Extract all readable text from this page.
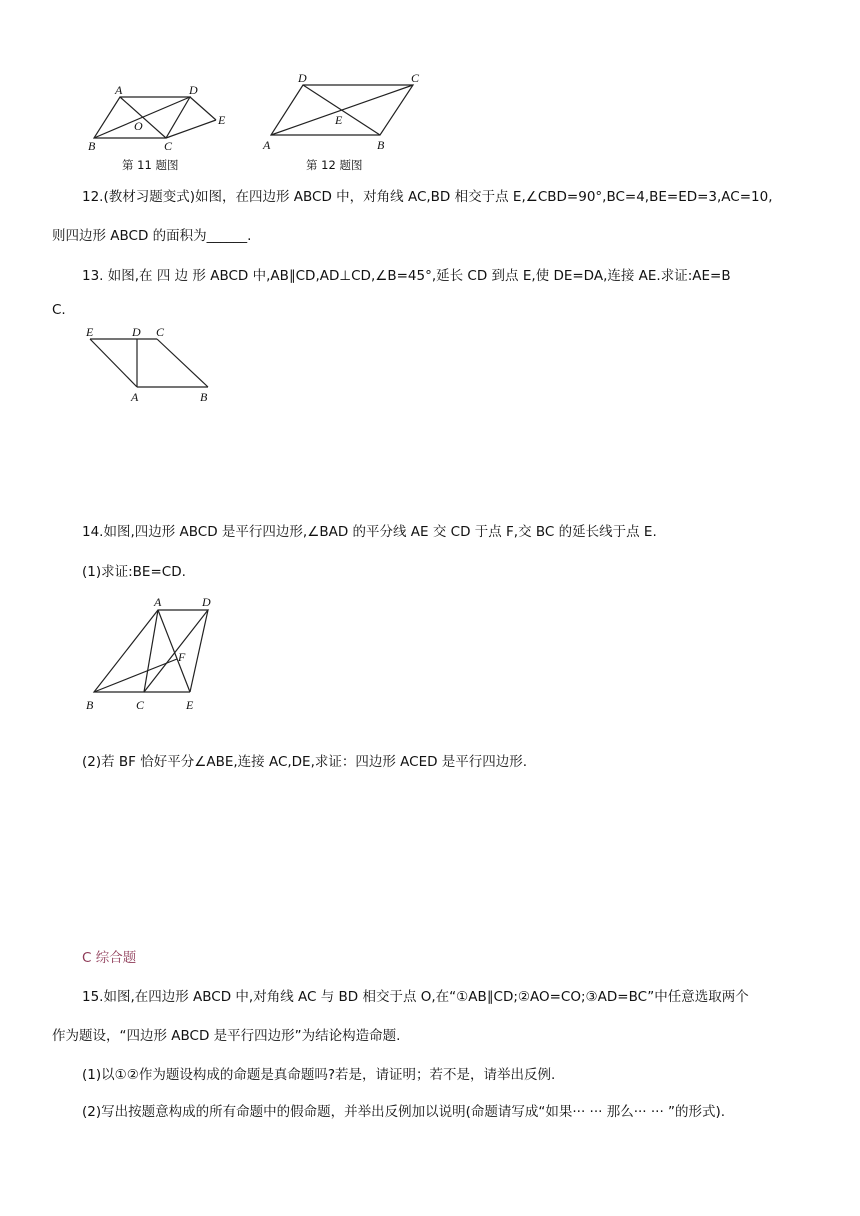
A	D
B	C
E
O
第 11 题图
D	C
A	B
E
第 12 题图
12.(教材习题变式)如图，在四边形 ABCD 中，对角线 AC,BD 相交于点 E,∠CBD=90°,BC=4,BE=ED=3,AC=10,
则四边形 ABCD 的面积为______.
13. 如图,在 四 边 形 ABCD 中,AB∥CD,AD⊥CD,∠B=45°,延长 CD 到点 E,使 DE=DA,连接 AE.求证:AE=B
C.
E	D C
A	B
14.如图,四边形 ABCD 是平行四边形,∠BAD 的平分线 AE 交 CD 于点 F,交 BC 的延长线于点 E.
(1)求证:BE=CD.
A	D
F
B	C	E
(2)若 BF 恰好平分∠ABE,连接 AC,DE,求证：四边形 ACED 是平行四边形.
C 综合题
15.如图,在四边形 ABCD 中,对角线 AC 与 BD 相交于点 O,在“①AB∥CD;②AO=CO;③AD=BC”中任意选取两个
作为题设，“四边形 ABCD 是平行四边形”为结论构造命题.
(1)以①②作为题设构成的命题是真命题吗?若是，请证明；若不是，请举出反例.
(2)写出按题意构成的所有命题中的假命题，并举出反例加以说明(命题请写成“如果··· ··· 那么··· ··· ”的形式).
